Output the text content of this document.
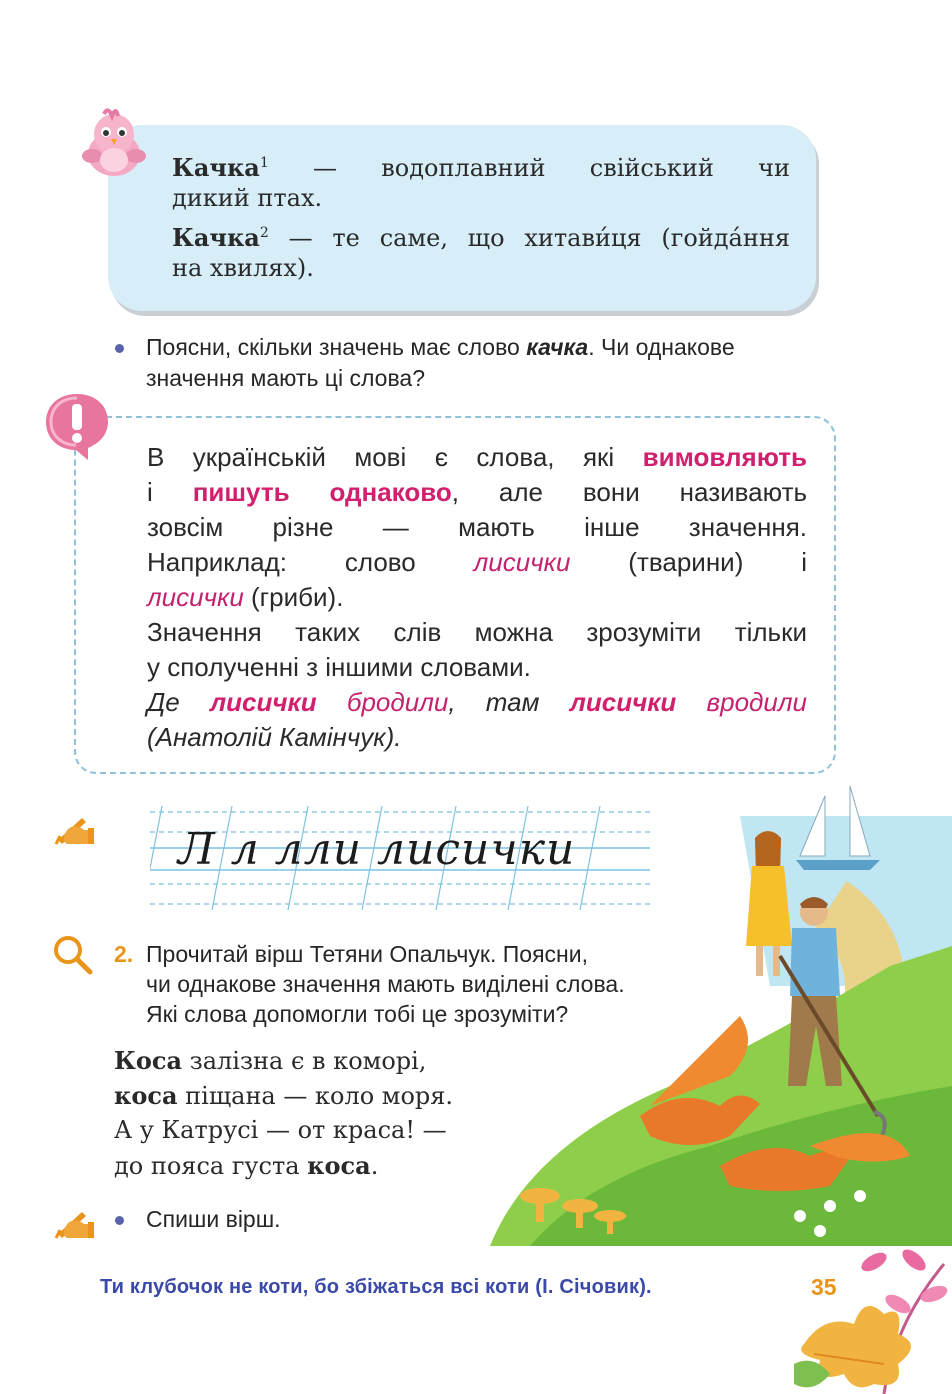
Качка$^1$ — водоплавний свійський чи
дикий птах.
Качка$^2$ — те саме, що хитави́ця (гойда́ння
на хвилях).
Поясни, скільки значень має слово качка. Чи однакове
значення мають ці слова?
В українській мові є слова, які вимовляють
і пишуть однаково, але вони називають
зовсім різне — мають інше значення.
Наприклад: слово лисички (тварини) і
лисички (гриби).
Значення таких слів можна зрозуміти тільки
у сполученні з іншими словами.
Де лисички бродили, там лисички вродили
(Анатолій Камінчук).
Л л лли лисички
2. Прочитай вірш Тетяни Опальчук. Поясни,
чи однакове значення мають виділені слова.
Які слова допомогли тобі це зрозуміти?
Коса залізна є в коморі,
коса піщана — коло моря.
А у Катрусі — от краса! —
до пояса густа коса.
Спиши вірш.
Ти клубочок не коти, бо збіжаться всі коти (І. Січовик).	35
